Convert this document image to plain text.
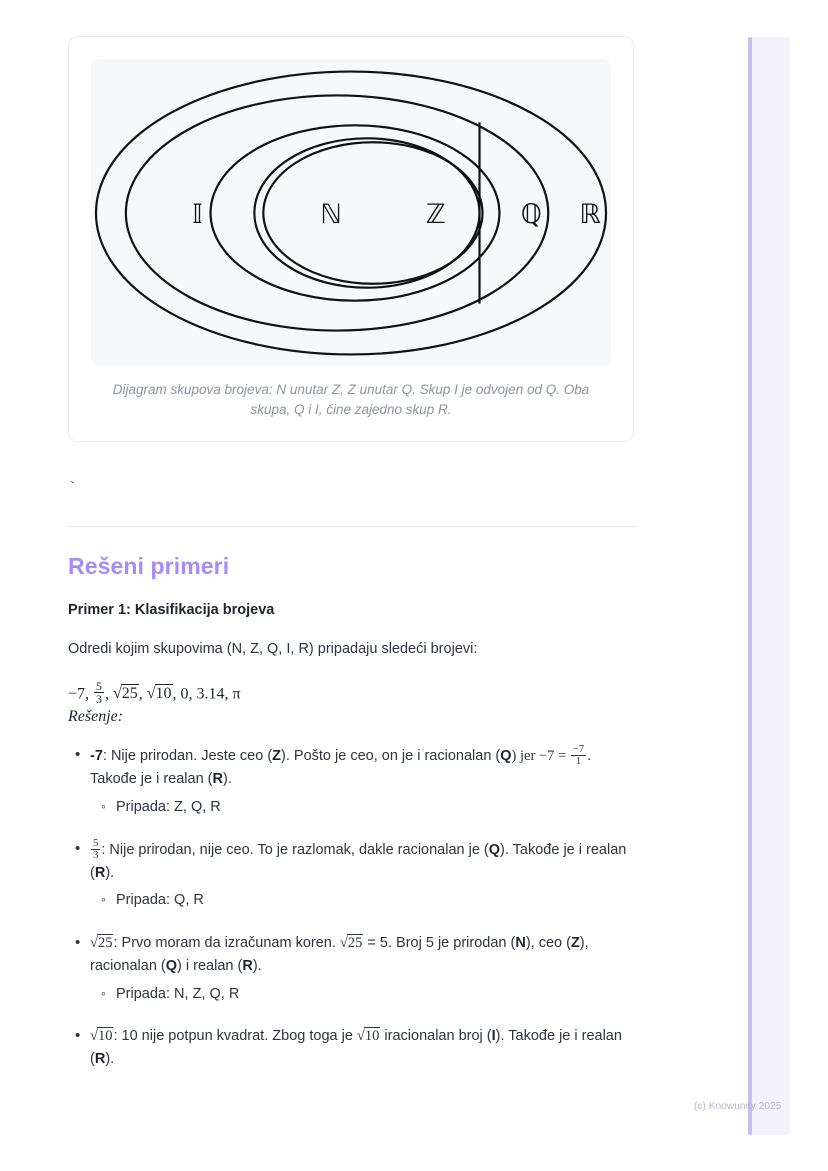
(c) Knowunity 2025
𝕀	ℕ	ℤ	ℚ ℝ
Dijagram skupova brojeva: N unutar Z, Z unutar Q. Skup I je odvojen od Q. Oba skupa, Q i I, čine zajedno skup R.
`
Rešeni primeri
Primer 1: Klasifikacija brojeva

Odredi kojim skupovima (N, Z, Q, I, R) pripadaju sledeći brojevi:

−7, $\frac{5}{3}$ , √25, √10, 0, 3.14, π

Rešenje:

• -7: Nije prirodan. Jeste ceo (Z). Pošto je ceo, on je i racionalan (Q) jer $-7 = \frac{-7}{1}$ . Takođe je i realan (R).
◦ Pripada: Z, Q, R
• $\frac{5}{3}$ : Nije prirodan, nije ceo. To je razlomak, dakle racionalan je (Q). Takođe je i realan (R).
◦ Pripada: Q, R
• √25: Prvo moram da izračunam koren. √25 = 5. Broj 5 je prirodan (N), ceo (Z), racionalan (Q) i realan (R).
◦ Pripada: N, Z, Q, R
• √10: 10 nije potpun kvadrat. Zbog toga je √10 iracionalan broj (I). Takođe je i realan (R).
